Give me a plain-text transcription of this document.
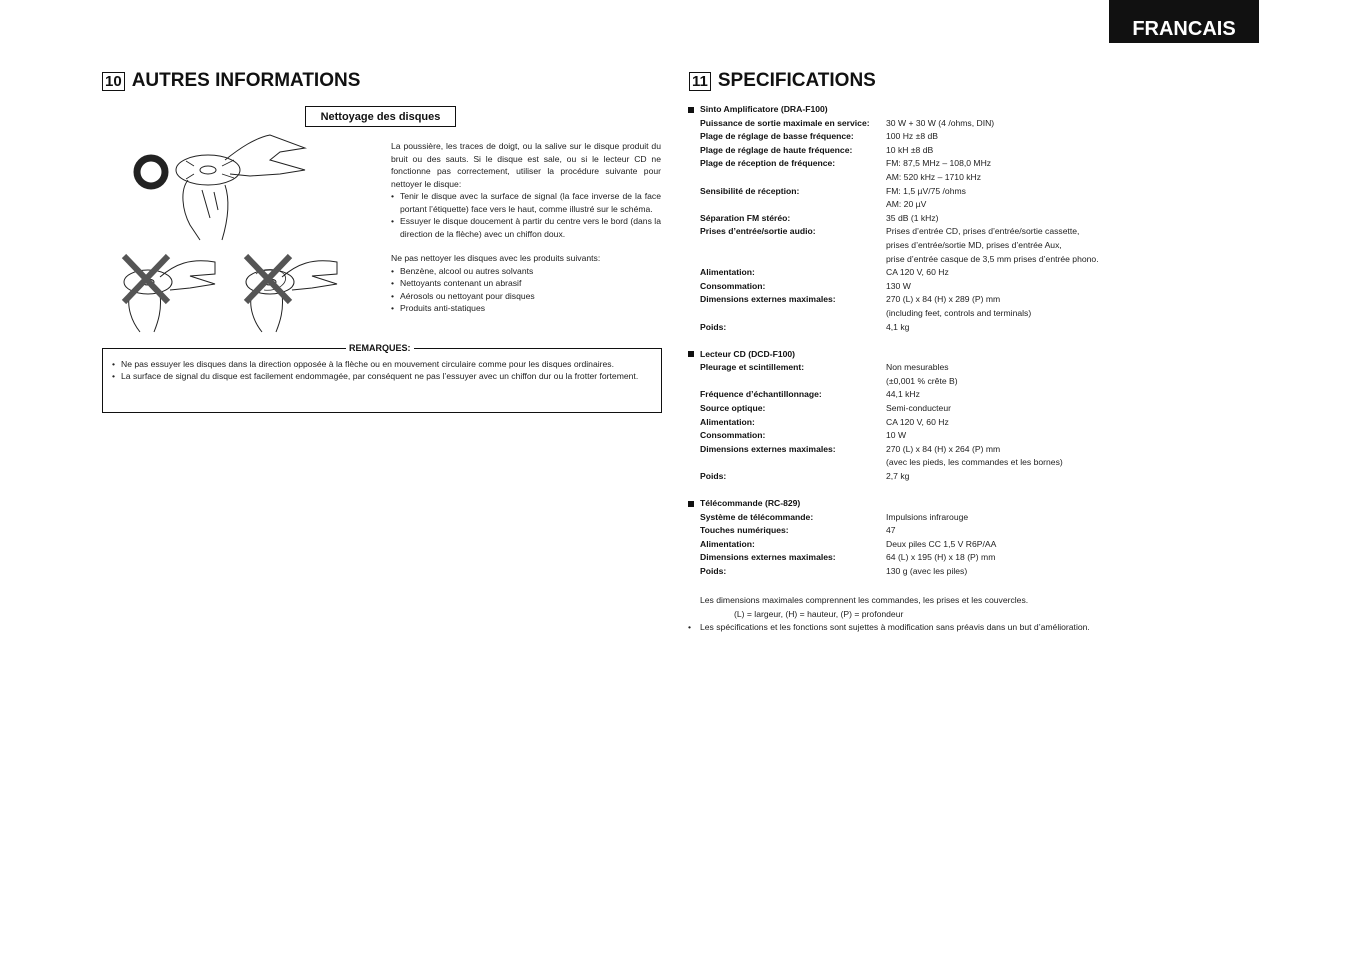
FRANCAIS
10 AUTRES INFORMATIONS
Nettoyage des disques

La poussière, les traces de doigt, ou la salive sur le disque produit du bruit ou des sauts. Si le disque est sale, ou si le lecteur CD ne fonctionne pas correctement, utiliser la procédure suivante pour nettoyer le disque:

• Tenir le disque avec la surface de signal (la face inverse de la face portant l’étiquette) face vers le haut, comme illustré sur le schéma.
• Essuyer le disque doucement à partir du centre vers le bord (dans la direction de la flèche) avec un chiffon doux.

Ne pas nettoyer les disques avec les produits suivants:

• Benzène, alcool ou autres solvants
• Nettoyants contenant un abrasif
• Aérosols ou nettoyant pour disques
• Produits anti-statiques
REMARQUES:
• Ne pas essuyer les disques dans la direction opposée à la flèche ou en mouvement circulaire comme pour les disques ordinaires.
• La surface de signal du disque est facilement endommagée, par conséquent ne pas l’essuyer avec un chiffon dur ou la frotter fortement.
11 SPECIFICATIONS
Sinto Amplificatore (DRA-F100)
Puissance de sortie maximale en service:	30 W + 30 W (4 /ohms, DIN)
Plage de réglage de basse fréquence:	100 Hz ±8 dB
Plage de réglage de haute fréquence:	10 kH ±8 dB
Plage de réception de fréquence:	FM: 87,5 MHz – 108,0 MHz
AM: 520 kHz – 1710 kHz
Sensibilité de réception:	FM: 1,5 µV/75 /ohms
AM: 20 µV
Séparation FM stéréo:	35 dB (1 kHz)
Prises d’entrée/sortie audio:	Prises d’entrée CD, prises d’entrée/sortie cassette,
prises d’entrée/sortie MD, prises d’entrée Aux,
prise d’entrée casque de 3,5 mm prises d’entrée phono.
Alimentation:	CA 120 V, 60 Hz
Consommation:	130 W
Dimensions externes maximales:	270 (L) x 84 (H) x 289 (P) mm
(including feet, controls and terminals)
Poids:	4,1 kg
Lecteur CD (DCD-F100)
Pleurage et scintillement:	Non mesurables
(±0,001 % crête B)
Fréquence d’échantillonnage:	44,1 kHz
Source optique:	Semi-conducteur
Alimentation:	CA 120 V, 60 Hz
Consommation:	10 W
Dimensions externes maximales:	270 (L) x 84 (H) x 264 (P) mm
(avec les pieds, les commandes et les bornes)
Poids:	2,7 kg
Télécommande (RC-829)
Système de télécommande:	Impulsions infrarouge
Touches numériques:	47
Alimentation:	Deux piles CC 1,5 V R6P/AA
Dimensions externes maximales:	64 (L) x 195 (H) x 18 (P) mm
Poids:	130 g (avec les piles)
Les dimensions maximales comprennent les commandes, les prises et les couvercles.
(L) = largeur, (H) = hauteur, (P) = profondeur
•	Les spécifications et les fonctions sont sujettes à modification sans préavis dans un but d’amélioration.
